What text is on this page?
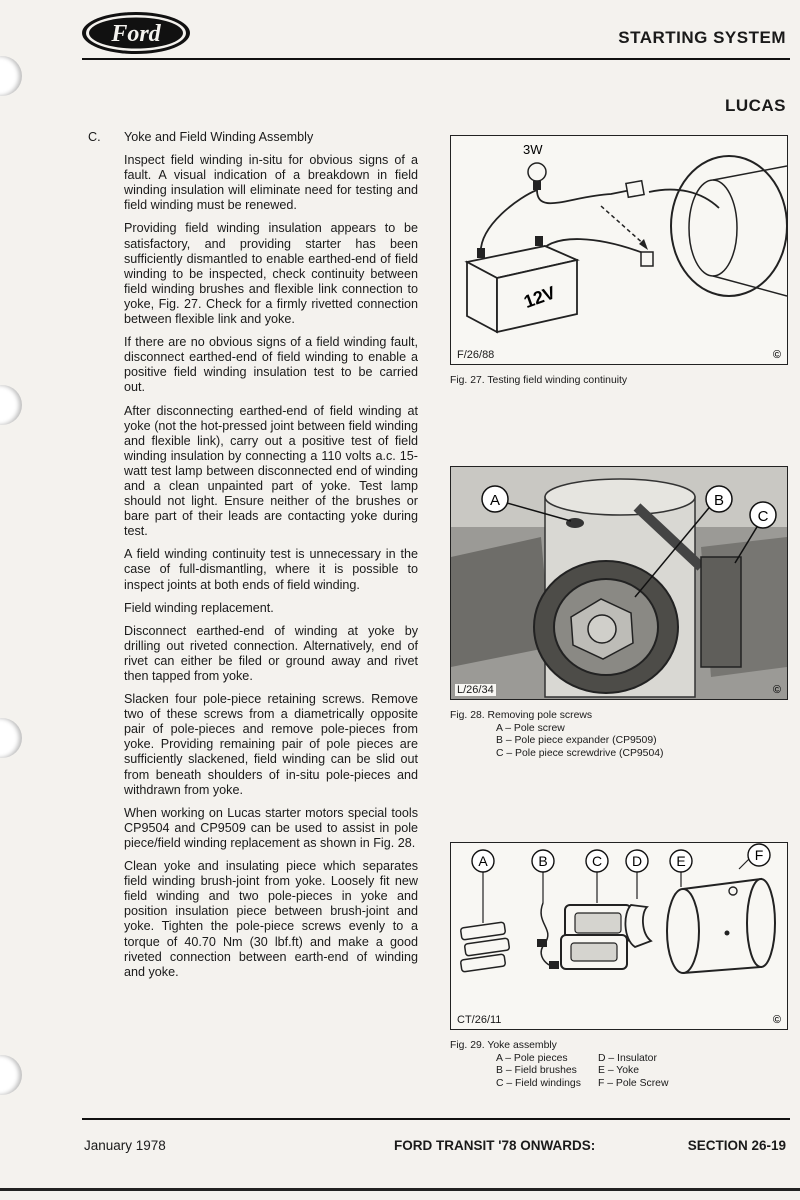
Ford	STARTING SYSTEM
LUCAS
C.	Yoke and Field Winding Assembly

Inspect field winding in-situ for obvious signs of a fault. A visual indication of a breakdown in field winding insulation will eliminate need for testing and field winding must be renewed.

Providing field winding insulation appears to be satisfactory, and providing starter has been sufficiently dismantled to enable earthed-end of field winding to be inspected, check continuity between field winding brushes and flexible link connection to yoke, Fig. 27. Check for a firmly rivetted connection between flexible link and yoke.

If there are no obvious signs of a field winding fault, disconnect earthed-end of field winding to enable a positive field winding insulation test to be carried out.

After disconnecting earthed-end of field winding at yoke (not the hot-pressed joint between field winding and flexible link), carry out a positive test of field winding insulation by connecting a 110 volts a.c. 15-watt test lamp between disconnected end of winding and a clean unpainted part of yoke. Test lamp should not light. Ensure neither of the brushes or bare part of their leads are contacting yoke during test.

A field winding continuity test is unnecessary in the case of full-dismantling, where it is possible to inspect joints at both ends of field winding.

Field winding replacement.

Disconnect earthed-end of winding at yoke by drilling out riveted connection. Alternatively, end of rivet can either be filed or ground away and rivet then tapped from yoke.

Slacken four pole-piece retaining screws. Remove two of these screws from a diametrically opposite pair of pole-pieces and remove pole-pieces from yoke. Providing remaining pair of pole pieces are sufficiently slackened, field winding can be slid out from beneath shoulders of in-situ pole-pieces and withdrawn from yoke.

When working on Lucas starter motors special tools CP9504 and CP9509 can be used to assist in pole piece/field winding replacement as shown in Fig. 28.

Clean yoke and insulating piece which separates field winding brush-joint from yoke. Loosely fit new field winding and two pole-pieces in yoke and position insulation piece between brush-joint and yoke. Tighten the pole-piece screws evenly to a torque of 40.70 Nm (30 lbf.ft) and make a good riveted connection between earth-end of winding and yoke.

3W
12V
F/26/88	©
Fig. 27. Testing field winding continuity
A	B
C
L/26/34	©
Fig. 28. Removing pole screws
A – Pole screw
B – Pole piece expander (CP9509)
C – Pole piece screwdrive (CP9504)
A	B	C D E	F
CT/26/11	©
Fig. 29. Yoke assembly
A – Pole pieces	D – Insulator
B – Field brushes	E – Yoke
C – Field windings	F – Pole Screw
January 1978	FORD TRANSIT '78 ONWARDS:	SECTION 26-19
